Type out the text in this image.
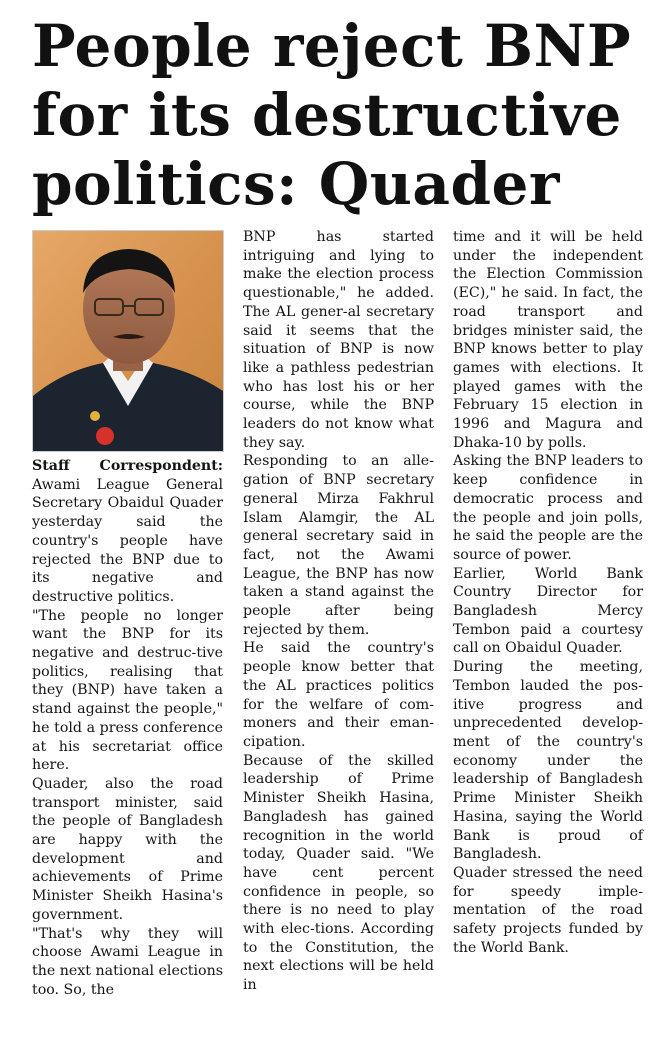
People reject BNP for its destructive politics: Quader

Staff Correspondent: Awami League General Secretary Obaidul Quader yesterday said the country's people have rejected the BNP due to its negative and destructive politics.

"The people no longer want the BNP for its negative and destruc-tive politics, realising that they (BNP) have taken a stand against the people," he told a press conference at his secretariat office here.

Quader, also the road transport minister, said the people of Bangladesh are happy with the development and achievements of Prime Minister Sheikh Hasina's government.

"That's why they will choose Awami League in the next national elections too. So, the

BNP has started intriguing and lying to make the election process questionable," he added. The AL gener-al secretary said it seems that the situation of BNP is now like a pathless pedestrian who has lost his or her course, while the BNP leaders do not know what they say.

Responding to an alle-gation of BNP secretary general Mirza Fakhrul Islam Alamgir, the AL general secretary said in fact, not the Awami League, the BNP has now taken a stand against the people after being rejected by them.

He said the country's people know better that the AL practices politics for the welfare of com-moners and their eman-cipation.

Because of the skilled leadership of Prime Minister Sheikh Hasina, Bangladesh has gained recognition in the world today, Quader said. "We have cent percent confidence in people, so there is no need to play with elec-tions. According to the Constitution, the next elections will be held in

time and it will be held under the independent the Election Commission (EC)," he said. In fact, the road transport and bridges minister said, the BNP knows better to play games with elections. It played games with the February 15 election in 1996 and Magura and Dhaka-10 by polls.

Asking the BNP leaders to keep confidence in democratic process and the people and join polls, he said the people are the source of power.

Earlier, World Bank Country Director for Bangladesh Mercy Tembon paid a courtesy call on Obaidul Quader.

During the meeting, Tembon lauded the pos-itive progress and unprecedented develop-ment of the country's economy under the leadership of Bangladesh Prime Minister Sheikh Hasina, saying the World Bank is proud of Bangladesh.

Quader stressed the need for speedy imple-mentation of the road safety projects funded by the World Bank.
